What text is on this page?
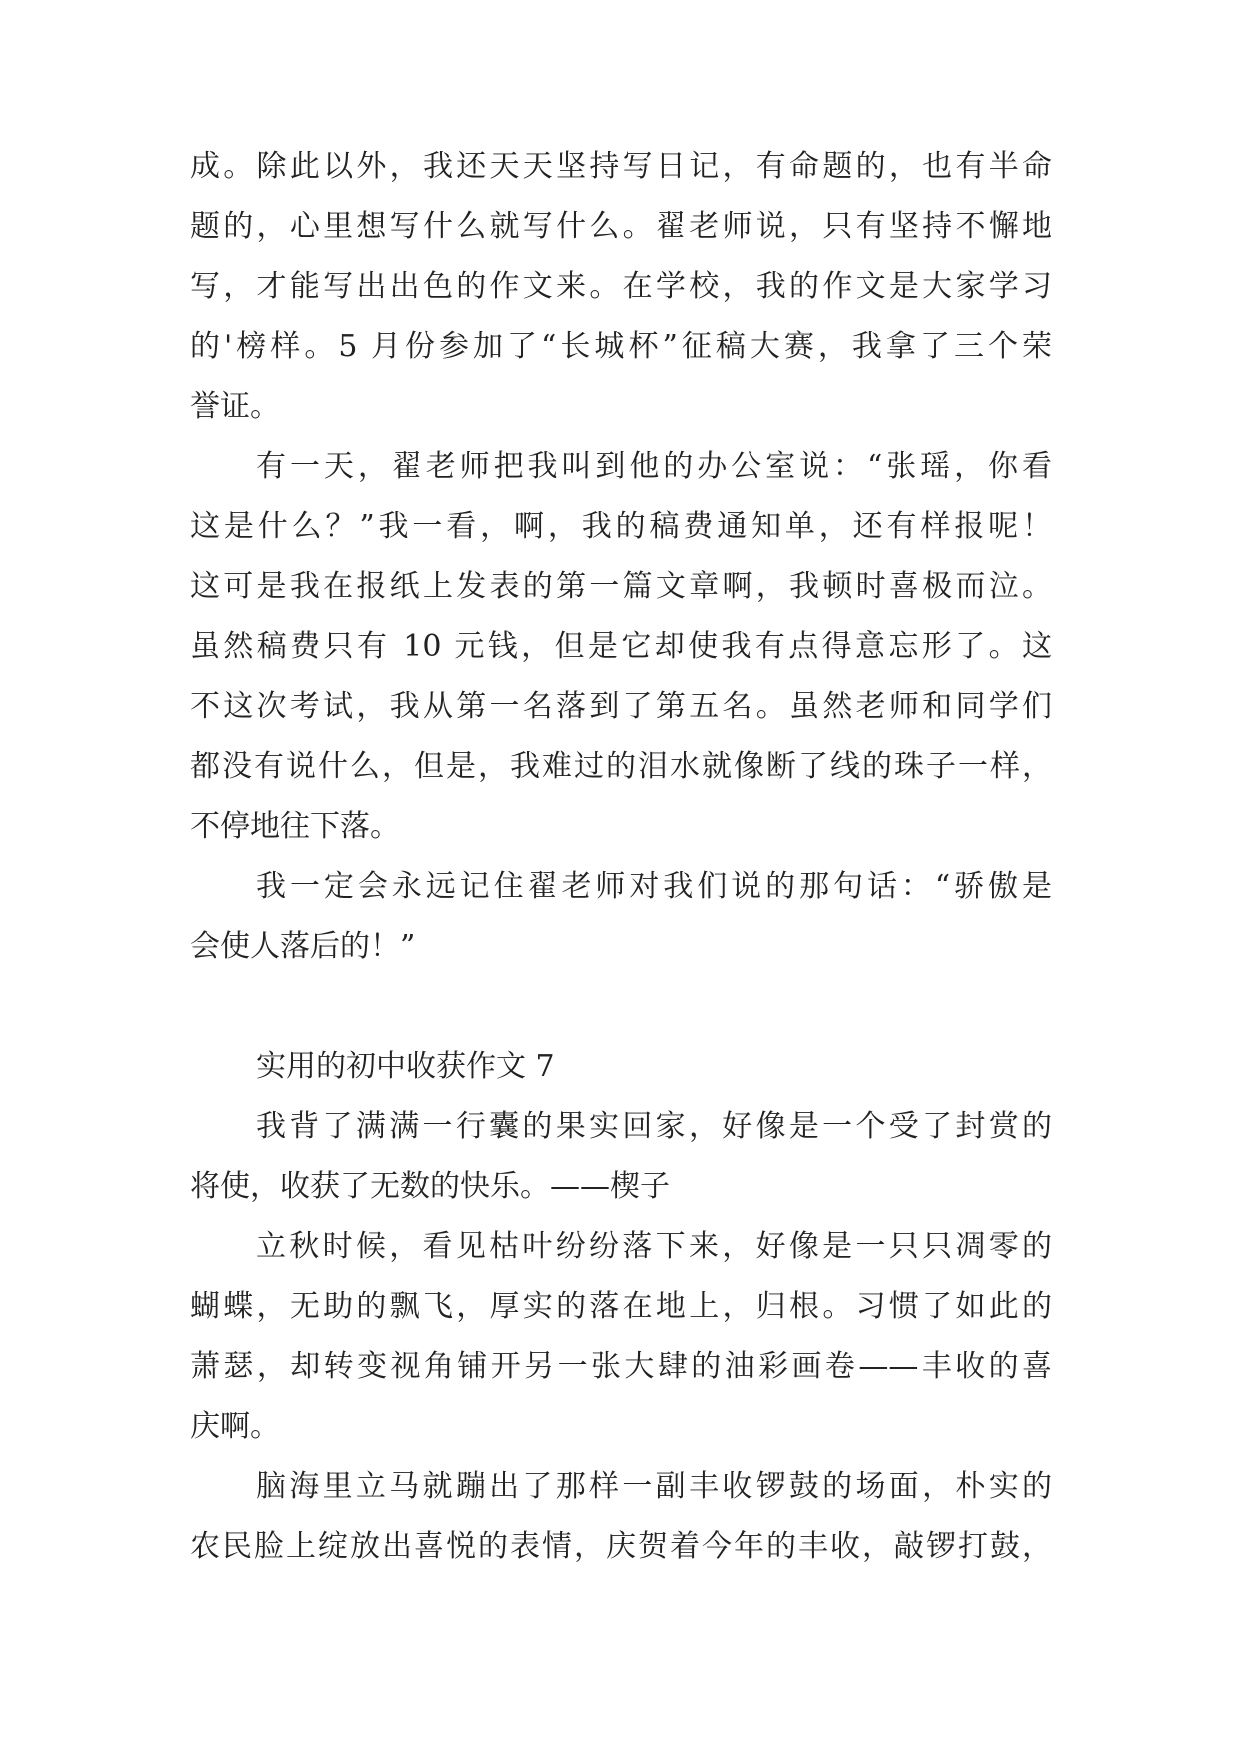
成。除此以外，我还天天坚持写日记，有命题的，也有半命
题的，心里想写什么就写什么。翟老师说，只有坚持不懈地
写，才能写出出色的作文来。在学校，我的作文是大家学习
的'榜样。5 月份参加了“长城杯”征稿大赛，我拿了三个荣
誉证。
有一天，翟老师把我叫到他的办公室说：“张瑶，你看
这是什么？”我一看，啊，我的稿费通知单，还有样报呢！
这可是我在报纸上发表的第一篇文章啊，我顿时喜极而泣。
虽然稿费只有 10 元钱，但是它却使我有点得意忘形了。这
不这次考试，我从第一名落到了第五名。虽然老师和同学们
都没有说什么，但是，我难过的泪水就像断了线的珠子一样，
不停地往下落。
我一定会永远记住翟老师对我们说的那句话：“骄傲是
会使人落后的！”
实用的初中收获作文 7
我背了满满一行囊的果实回家，好像是一个受了封赏的
将使，收获了无数的快乐。——楔子
立秋时候，看见枯叶纷纷落下来，好像是一只只凋零的
蝴蝶，无助的飘飞，厚实的落在地上，归根。习惯了如此的
萧瑟，却转变视角铺开另一张大肆的油彩画卷——丰收的喜
庆啊。
脑海里立马就蹦出了那样一副丰收锣鼓的场面，朴实的
农民脸上绽放出喜悦的表情，庆贺着今年的丰收，敲锣打鼓，
